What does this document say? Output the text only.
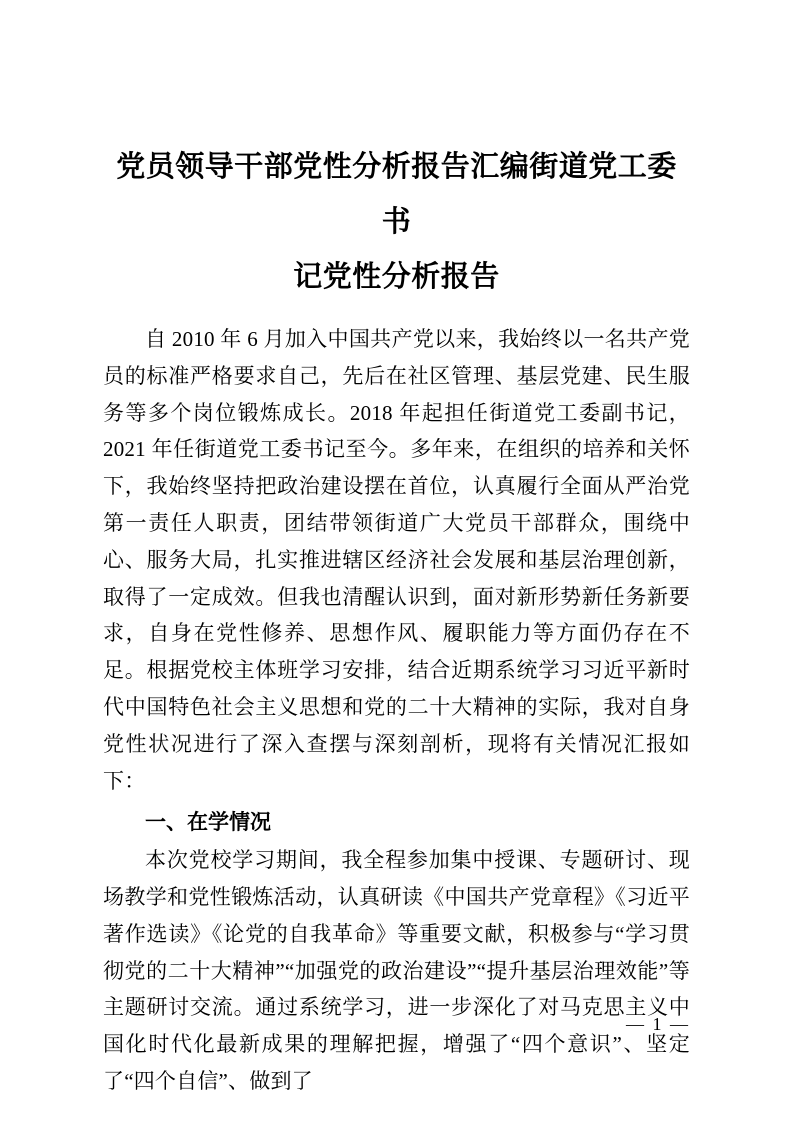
党员领导干部党性分析报告汇编街道党工委书
记党性分析报告

自 2010 年 6 月加入中国共产党以来，我始终以一名共产党员的标准严格要求自己，先后在社区管理、基层党建、民生服务等多个岗位锻炼成长。2018 年起担任街道党工委副书记，2021 年任街道党工委书记至今。多年来，在组织的培养和关怀下，我始终坚持把政治建设摆在首位，认真履行全面从严治党第一责任人职责，团结带领街道广大党员干部群众，围绕中心、服务大局，扎实推进辖区经济社会发展和基层治理创新，取得了一定成效。但我也清醒认识到，面对新形势新任务新要求，自身在党性修养、思想作风、履职能力等方面仍存在不足。根据党校主体班学习安排，结合近期系统学习习近平新时代中国特色社会主义思想和党的二十大精神的实际，我对自身党性状况进行了深入查摆与深刻剖析，现将有关情况汇报如下：

一、在学情况

本次党校学习期间，我全程参加集中授课、专题研讨、现场教学和党性锻炼活动，认真研读《中国共产党章程》《习近平著作选读》《论党的自我革命》等重要文献，积极参与“学习贯彻党的二十大精神”“加强党的政治建设”“提升基层治理效能”等主题研讨交流。通过系统学习，进一步深化了对马克思主义中国化时代化最新成果的理解把握，增强了“四个意识”、坚定了“四个自信”、做到了

— 1 —
